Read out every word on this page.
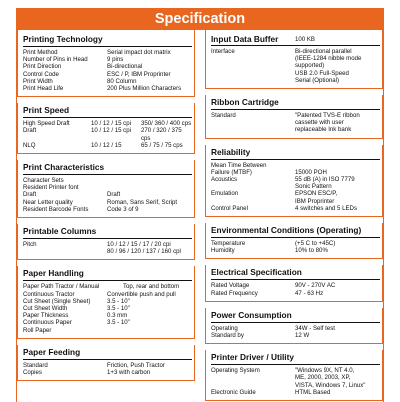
Specification
Printing Technology
Print Method	Serial impact dot matrix
Number of Pins in Head	9 pins
Print Direction	Bi-directional
Control Code	ESC / P, IBM Proprinter
Print Width	80 Column
Print Head Life	200 Plus Million Characters
Print Speed
High Speed Draft	10 / 12 / 15 cpi	350/ 360 / 400 cps
Draft	10 / 12 / 15 cpi	270 / 320 / 375 cps
NLQ	10 / 12 / 15	65 / 75 / 75 cps
Print Characteristics
Character Sets
Resident Printer font
Draft	Draft
Near Letter quality	Roman, Sans Serif, Script
Resident Barcode Fonts	Code 3 of 9
Printable Columns
Pitch	10 / 12 / 15 / 17 / 20 cpi
80 / 96 / 120 / 137 / 160 cpl
Paper Handling
Paper Path Tractor / Manual	Top, rear and bottom
Continuous Tractor	Convertible push and pull
Cut Sheet (Single Sheet)	3.5 - 10"
Cut Sheet Width	3.5 - 10"
Paper Thickness	0.3 mm
Continuous Paper	3.5 - 10"
Roll Paper
Paper Feeding
Standard	Friction, Push Tractor
Copies	1+3 with carbon
Input Data Buffer	100 KB
Interface	Bi-directional parallel
(IEEE-1284 nibble mode
supported)
USB 2.0 Full-Speed
Serial (Optional)
Ribbon Cartridge
Standard	"Patented TVS-E ribbon
cassette with user
replaceable Ink bank
Reliability
Mean Time Between
Failure (MTBF)	15000 POH
Acoustics	55 dB (A) in ISO 7779
Sonic Pattern
Emulation	EPSON ESC/P,
IBM Proprinter
Control Panel	4 switches and 5 LEDs
Environmental Conditions (Operating)
Temperature	(+5 C to +45C)
Humidity	10% to 80%
Electrical Specification
Rated Voltage	90V - 270V AC
Rated Frequency	47 - 63 Hz
Power Consumption
Operating	34W - Self test
Standard by	12 W
Printer Driver / Utility
Operating System	"Windows 9X, NT 4.0,
ME, 2000, 2003, XP,
VISTA, Windows 7, Linux"
Electronic Guide	HTML Based
